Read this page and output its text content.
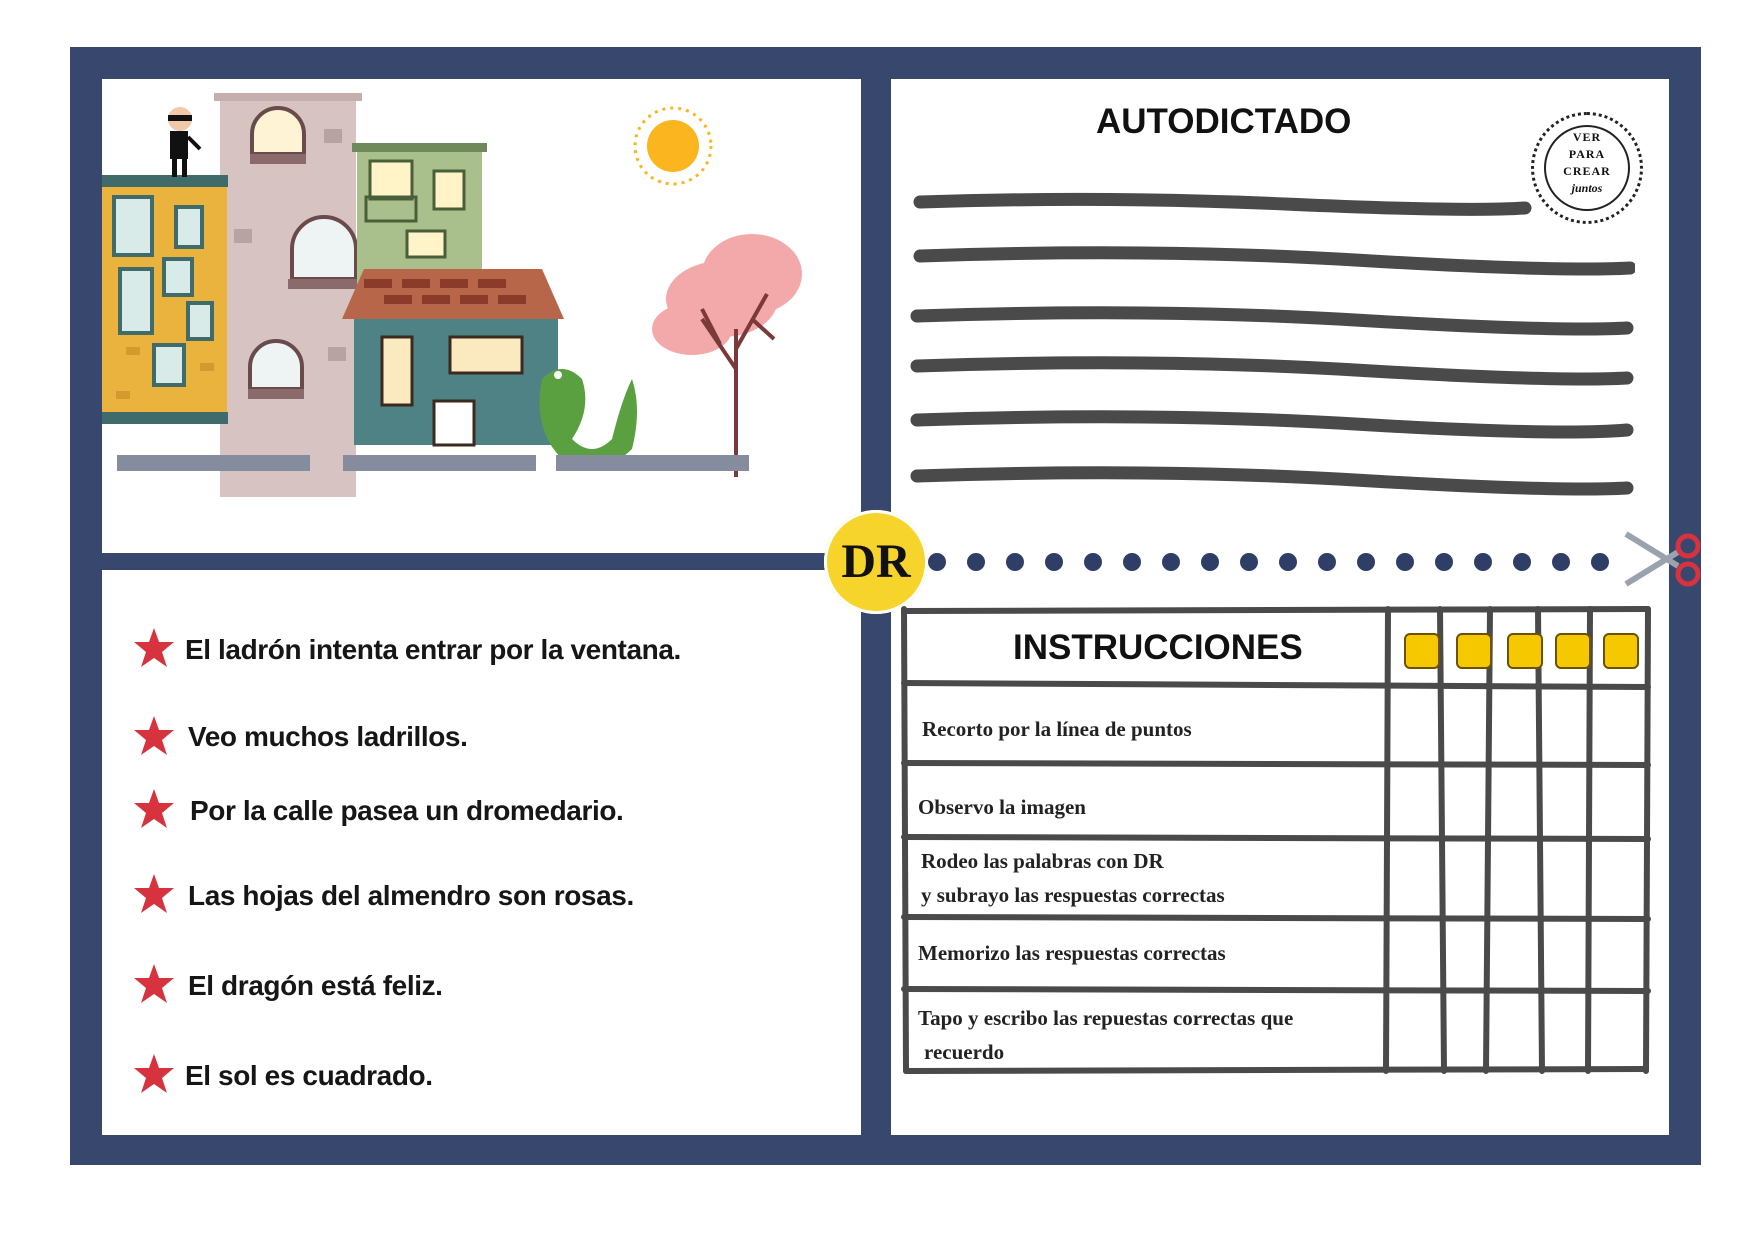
El ladrón intenta entrar por la ventana.
Veo muchos ladrillos.
Por la calle pasea un dromedario.
Las hojas del almendro son rosas.
El dragón está feliz.
El sol es cuadrado.
AUTODICTADO	VER
PARA
CREAR
juntos
DR
INSTRUCCIONES
Recorto por la línea de puntos
Observo la imagen
Rodeo las palabras con DR
y subrayo las respuestas correctas
Memorizo las respuestas correctas
Tapo y escribo las repuestas correctas que
recuerdo
